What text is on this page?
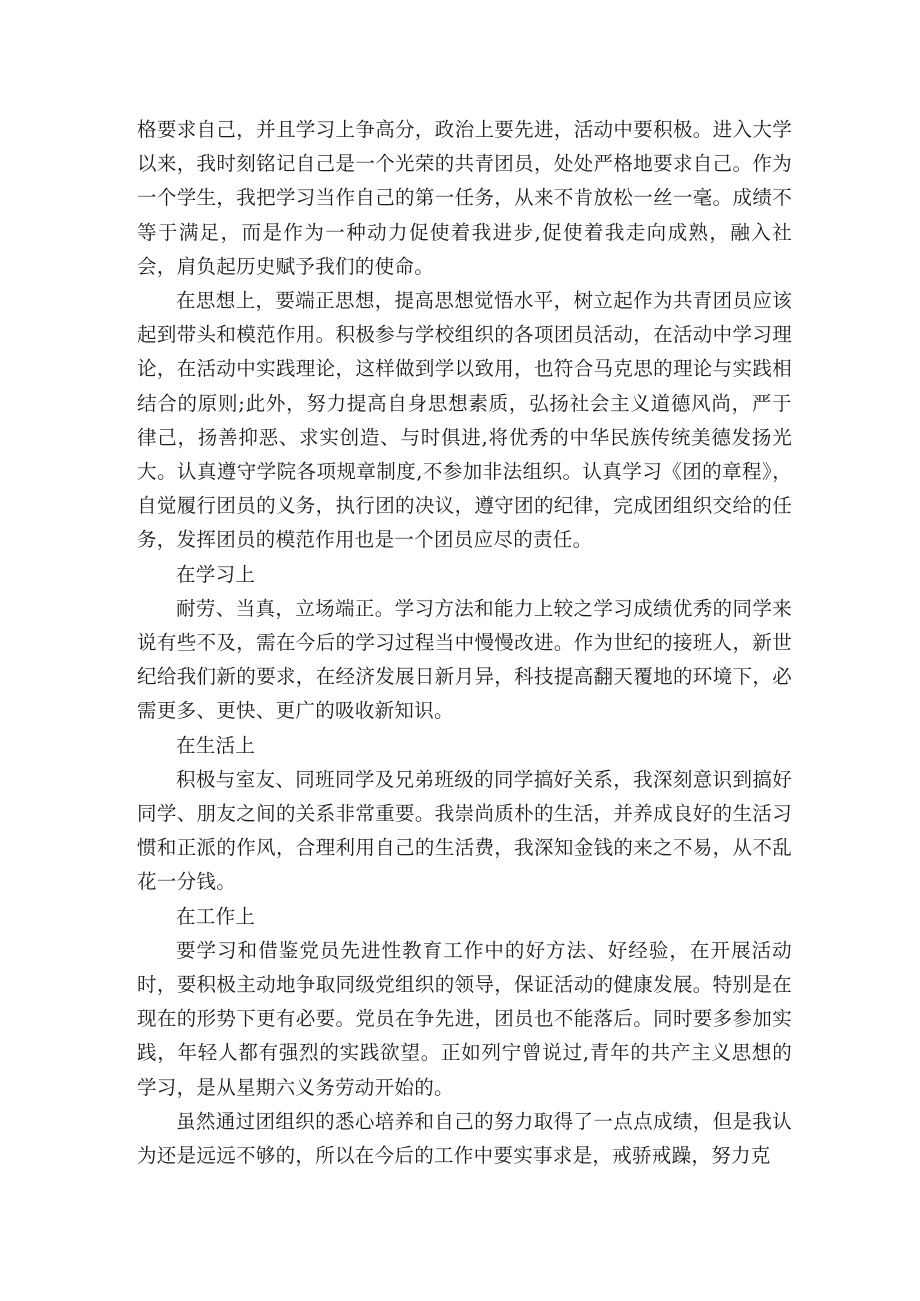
格要求自己，并且学习上争高分，政治上要先进，活动中要积极。进入大学以来，我时刻铭记自己是一个光荣的共青团员，处处严格地要求自己。作为一个学生，我把学习当作自己的第一任务，从来不肯放松一丝一毫。成绩不等于满足，而是作为一种动力促使着我进步,促使着我走向成熟，融入社会，肩负起历史赋予我们的使命。

在思想上，要端正思想，提高思想觉悟水平，树立起作为共青团员应该起到带头和模范作用。积极参与学校组织的各项团员活动，在活动中学习理论，在活动中实践理论，这样做到学以致用，也符合马克思的理论与实践相结合的原则;此外，努力提高自身思想素质，弘扬社会主义道德风尚，严于律己，扬善抑恶、求实创造、与时俱进,将优秀的中华民族传统美德发扬光大。认真遵守学院各项规章制度,不参加非法组织。认真学习《团的章程》，自觉履行团员的义务，执行团的决议，遵守团的纪律，完成团组织交给的任务，发挥团员的模范作用也是一个团员应尽的责任。

在学习上

耐劳、当真，立场端正。学习方法和能力上较之学习成绩优秀的同学来说有些不及，需在今后的学习过程当中慢慢改进。作为世纪的接班人，新世纪给我们新的要求，在经济发展日新月异，科技提高翻天覆地的环境下，必需更多、更快、更广的吸收新知识。

在生活上

积极与室友、同班同学及兄弟班级的同学搞好关系，我深刻意识到搞好同学、朋友之间的关系非常重要。我崇尚质朴的生活，并养成良好的生活习惯和正派的作风，合理利用自己的生活费，我深知金钱的来之不易，从不乱花一分钱。

在工作上

要学习和借鉴党员先进性教育工作中的好方法、好经验，在开展活动时，要积极主动地争取同级党组织的领导，保证活动的健康发展。特别是在现在的形势下更有必要。党员在争先进，团员也不能落后。同时要多参加实践，年轻人都有强烈的实践欲望。正如列宁曾说过,青年的共产主义思想的学习，是从星期六义务劳动开始的。

虽然通过团组织的悉心培养和自己的努力取得了一点点成绩，但是我认为还是远远不够的，所以在今后的工作中要实事求是，戒骄戒躁，努力克
